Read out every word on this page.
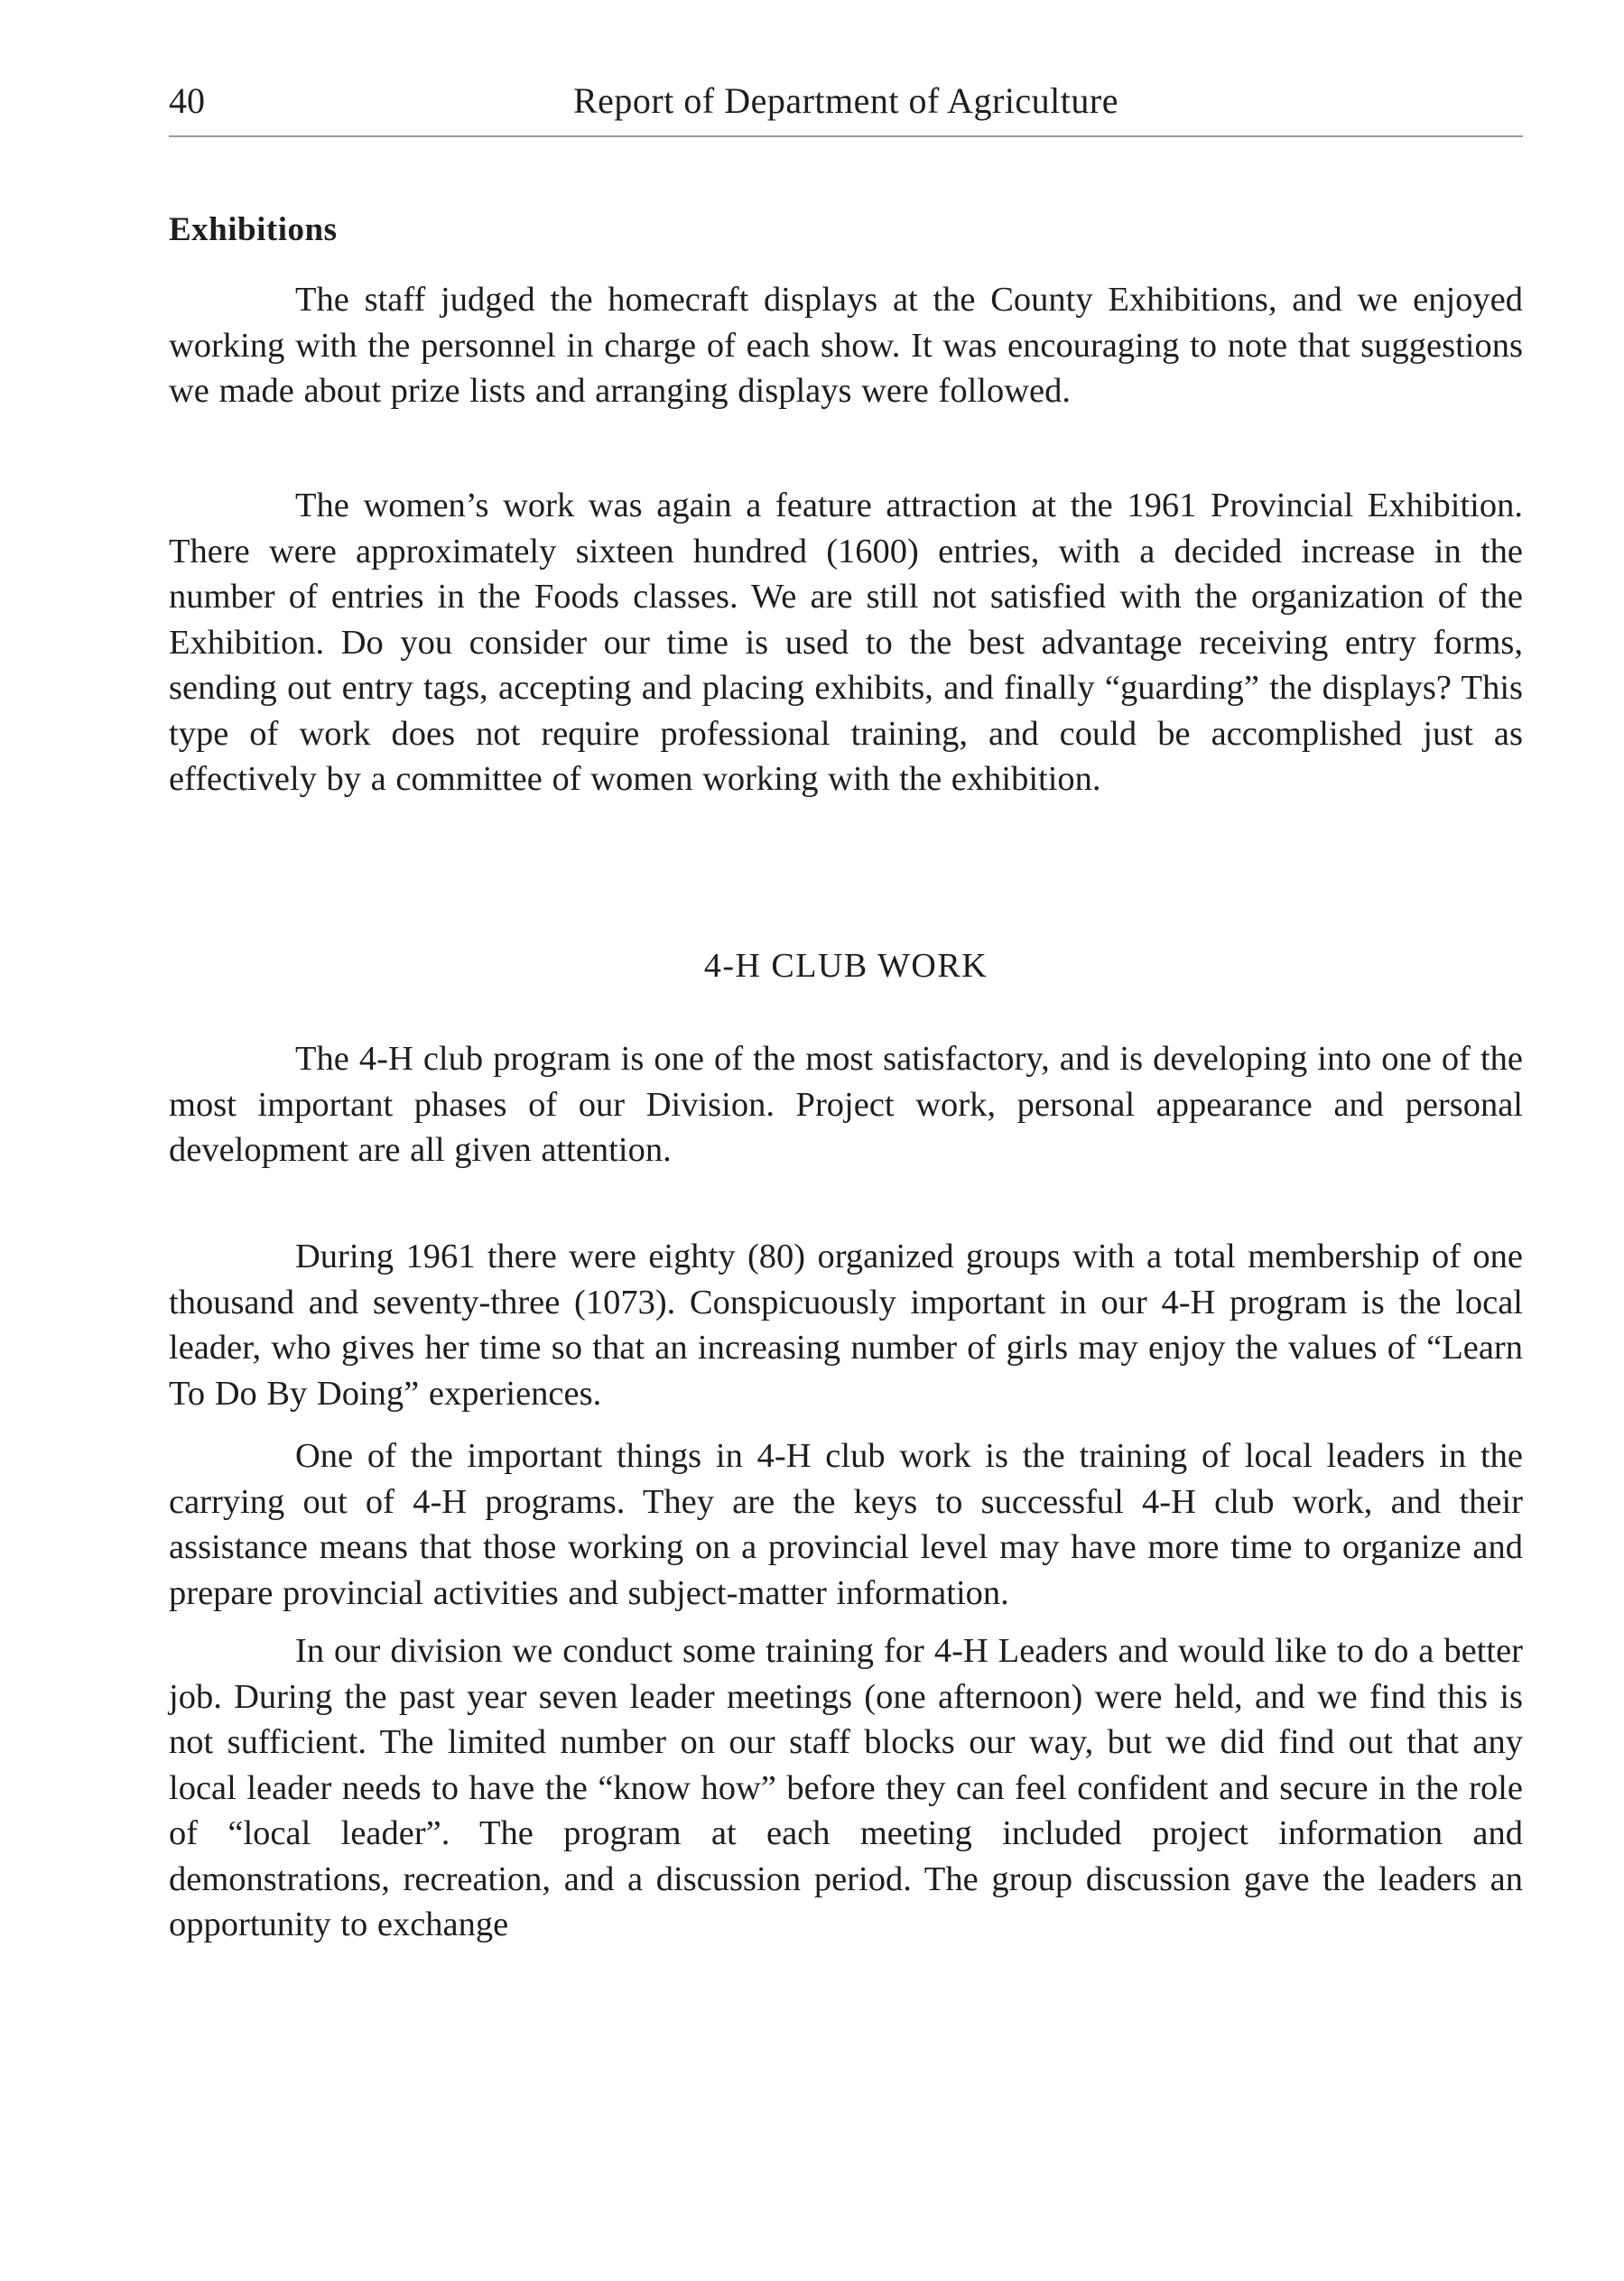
40	Report of Department of Agriculture
Exhibitions

The staff judged the homecraft displays at the County Exhibitions, and we enjoyed working with the personnel in charge of each show. It was encouraging to note that suggestions we made about prize lists and arranging displays were followed.

The women’s work was again a feature attraction at the 1961 Provincial Exhibition. There were approximately sixteen hundred (1600) entries, with a decided increase in the number of entries in the Foods classes. We are still not satisfied with the organization of the Exhibition. Do you consider our time is used to the best advantage receiving entry forms, sending out entry tags, accepting and placing exhibits, and finally “guarding” the displays? This type of work does not require professional training, and could be accomplished just as effectively by a committee of women working with the exhibition.

4-H CLUB WORK

The 4-H club program is one of the most satisfactory, and is developing into one of the most important phases of our Division. Project work, personal appearance and personal development are all given attention.

During 1961 there were eighty (80) organized groups with a total membership of one thousand and seventy-three (1073). Conspicuously important in our 4-H program is the local leader, who gives her time so that an increasing number of girls may enjoy the values of “Learn To Do By Doing” experiences.

One of the important things in 4-H club work is the training of local leaders in the carrying out of 4-H programs. They are the keys to successful 4-H club work, and their assistance means that those working on a provincial level may have more time to organize and prepare provincial activities and subject-matter information.

In our division we conduct some training for 4-H Leaders and would like to do a better job. During the past year seven leader meetings (one afternoon) were held, and we find this is not sufficient. The limited number on our staff blocks our way, but we did find out that any local leader needs to have the “know how” before they can feel confident and secure in the role of “local leader”. The program at each meeting included project information and demonstrations, recreation, and a discussion period. The group discussion gave the leaders an opportunity to exchange
